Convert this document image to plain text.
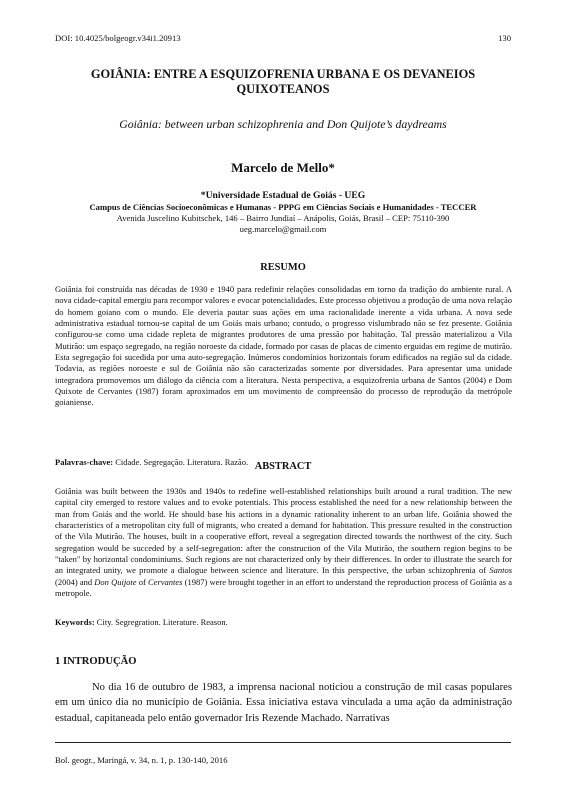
DOI: 10.4025/bolgeogr.v34i1.20913	130
GOIÂNIA: ENTRE A ESQUIZOFRENIA URBANA E OS DEVANEIOS
QUIXOTEANOS
Goiânia: between urban schizophrenia and Don Quijote’s daydreams
Marcelo de Mello*
*Universidade Estadual de Goiás - UEG
Campus de Ciências Socioeconômicas e Humanas - PPPG em Ciências Sociais e Humanidades - TECCER
Avenida Juscelino Kubitschek, 146 – Bairro Jundiaí – Anápolis, Goiás, Brasil – CEP: 75110-390
ueg.marcelo@gmail.com
RESUMO
Goiânia foi construída nas décadas de 1930 e 1940 para redefinir relações consolidadas em torno da tradição do ambiente rural. A nova cidade-capital emergiu para recompor valores e evocar potencialidades. Este processo objetivou a produção de uma nova relação do homem goiano com o mundo. Ele deveria pautar suas ações em uma racionalidade inerente a vida urbana. A nova sede administrativa estadual tornou-se capital de um Goiás mais urbano; contudo, o progresso vislumbrado não se fez presente. Goiânia configurou-se como uma cidade repleta de migrantes produtores de uma pressão por habitação. Tal pressão materializou a Vila Mutirão: um espaço segregado, na região noroeste da cidade, formado por casas de placas de cimento erguidas em regime de mutirão. Esta segregação foi sucedida por uma auto-segregação. Inúmeros condomínios horizontais foram edificados na região sul da cidade. Todavia, as regiões noroeste e sul de Goiânia não são caracterizadas somente por diversidades. Para apresentar uma unidade integradora promovemos um diálogo da ciência com a literatura. Nesta perspectiva, a esquizofrenia urbana de Santos (2004) e Dom Quixote de Cervantes (1987) foram aproximados em um movimento de compreensão do processo de reprodução da metrópole goianiense.
Palavras-chave: Cidade. Segregação. Literatura. Razão. ABSTRACT
Goiânia was built between the 1930s and 1940s to redefine well-established relationships built around a rural tradition. The new capital city emerged to restore values and to evoke potentials. This process established the need for a new relationship between the man from Goiás and the world. He should base his actions in a dynamic rationality inherent to an urban life. Goiânia showed the characteristics of a metropolitan city full of migrants, who created a demand for habitation. This pressure resulted in the construction of the Vila Mutirão. The houses, built in a cooperative effort, reveal a segregation directed towards the northwest of the city. Such segregation would be succeded by a self-segregation: after the construction of the Vila Mutirão, the southern region begins to be "taken" by horizontal condominiums. Such regions are not characterized only by their differences. In order to illustrate the search for an integrated unity, we promote a dialogue between science and literature. In this perspective, the urban schizophrenia of Santos (2004) and Don Quijote of Cervantes (1987) were brought together in an effort to understand the reproduction process of Goiânia as a metropole.
Keywords: City. Segregration. Literature. Reason.
1 INTRODUÇÃO
No dia 16 de outubro de 1983, a imprensa nacional noticiou a construção de mil casas populares em um único dia no município de Goiânia. Essa iniciativa estava vinculada a uma ação da administração estadual, capitaneada pelo então governador Iris Rezende Machado. Narrativas
Bol. geogr., Maringá, v. 34, n. 1, p. 130-140, 2016
